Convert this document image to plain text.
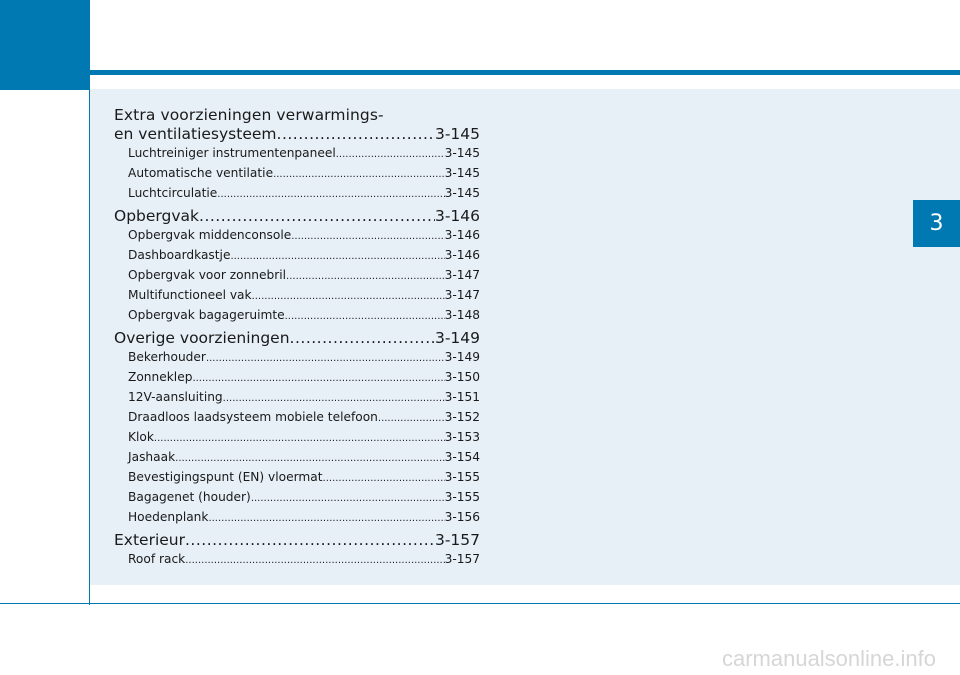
3
Extra voorzieningen verwarmings-
en ventilatiesysteem .....	3-145
Luchtreiniger instrumentenpaneel .....	3-145
Automatische ventilatie .....	3-145
Luchtcirculatie .....	3-145
Opbergvak .....	3-146
Opbergvak middenconsole .....	3-146
Dashboardkastje .....	3-146
Opbergvak voor zonnebril .....	3-147
Multifunctioneel vak .....	3-147
Opbergvak bagageruimte .....	3-148
Overige voorzieningen .....	3-149
Bekerhouder .....	3-149
Zonneklep .....	3-150
12V-aansluiting .....	3-151
Draadloos laadsysteem mobiele telefoon .....	3-152
Klok .....	3-153
Jashaak .....	3-154
Bevestigingspunt (EN) vloermat .....	3-155
Bagagenet (houder) .....	3-155
Hoedenplank .....	3-156
Exterieur .....	3-157
Roof rack .....	3-157
carmanualsonline.info
